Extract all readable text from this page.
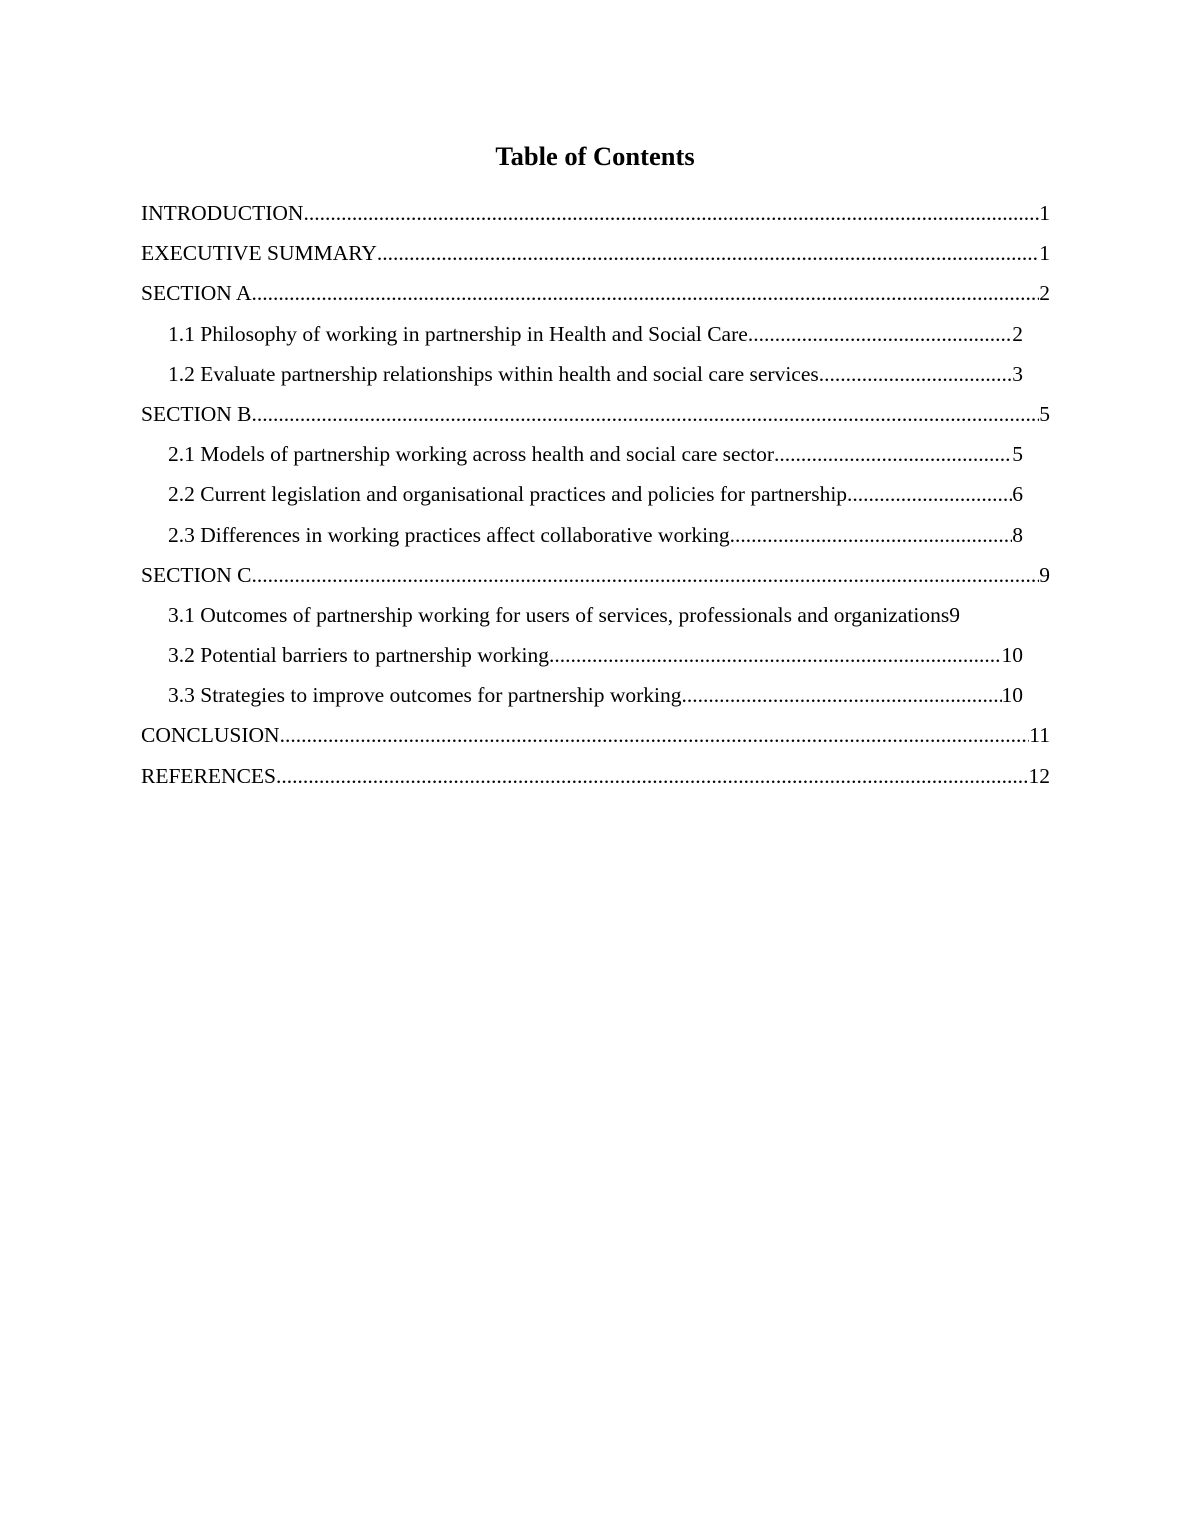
Table of Contents
INTRODUCTION .....	1
EXECUTIVE SUMMARY .....	1
SECTION A .....	2
1.1 Philosophy of working in partnership in Health and Social Care .....	2
1.2 Evaluate partnership relationships within health and social care services .....	3
SECTION B .....	5
2.1 Models of partnership working across health and social care sector .....	5
2.2 Current legislation and organisational practices and policies for partnership .....	6
2.3 Differences in working practices affect collaborative working .....	8
SECTION C .....	9
3.1 Outcomes of partnership working for users of services, professionals and organizations 9
3.2 Potential barriers to partnership working .....	10
3.3 Strategies to improve outcomes for partnership working .....	10
CONCLUSION .....	11
REFERENCES .....	12
